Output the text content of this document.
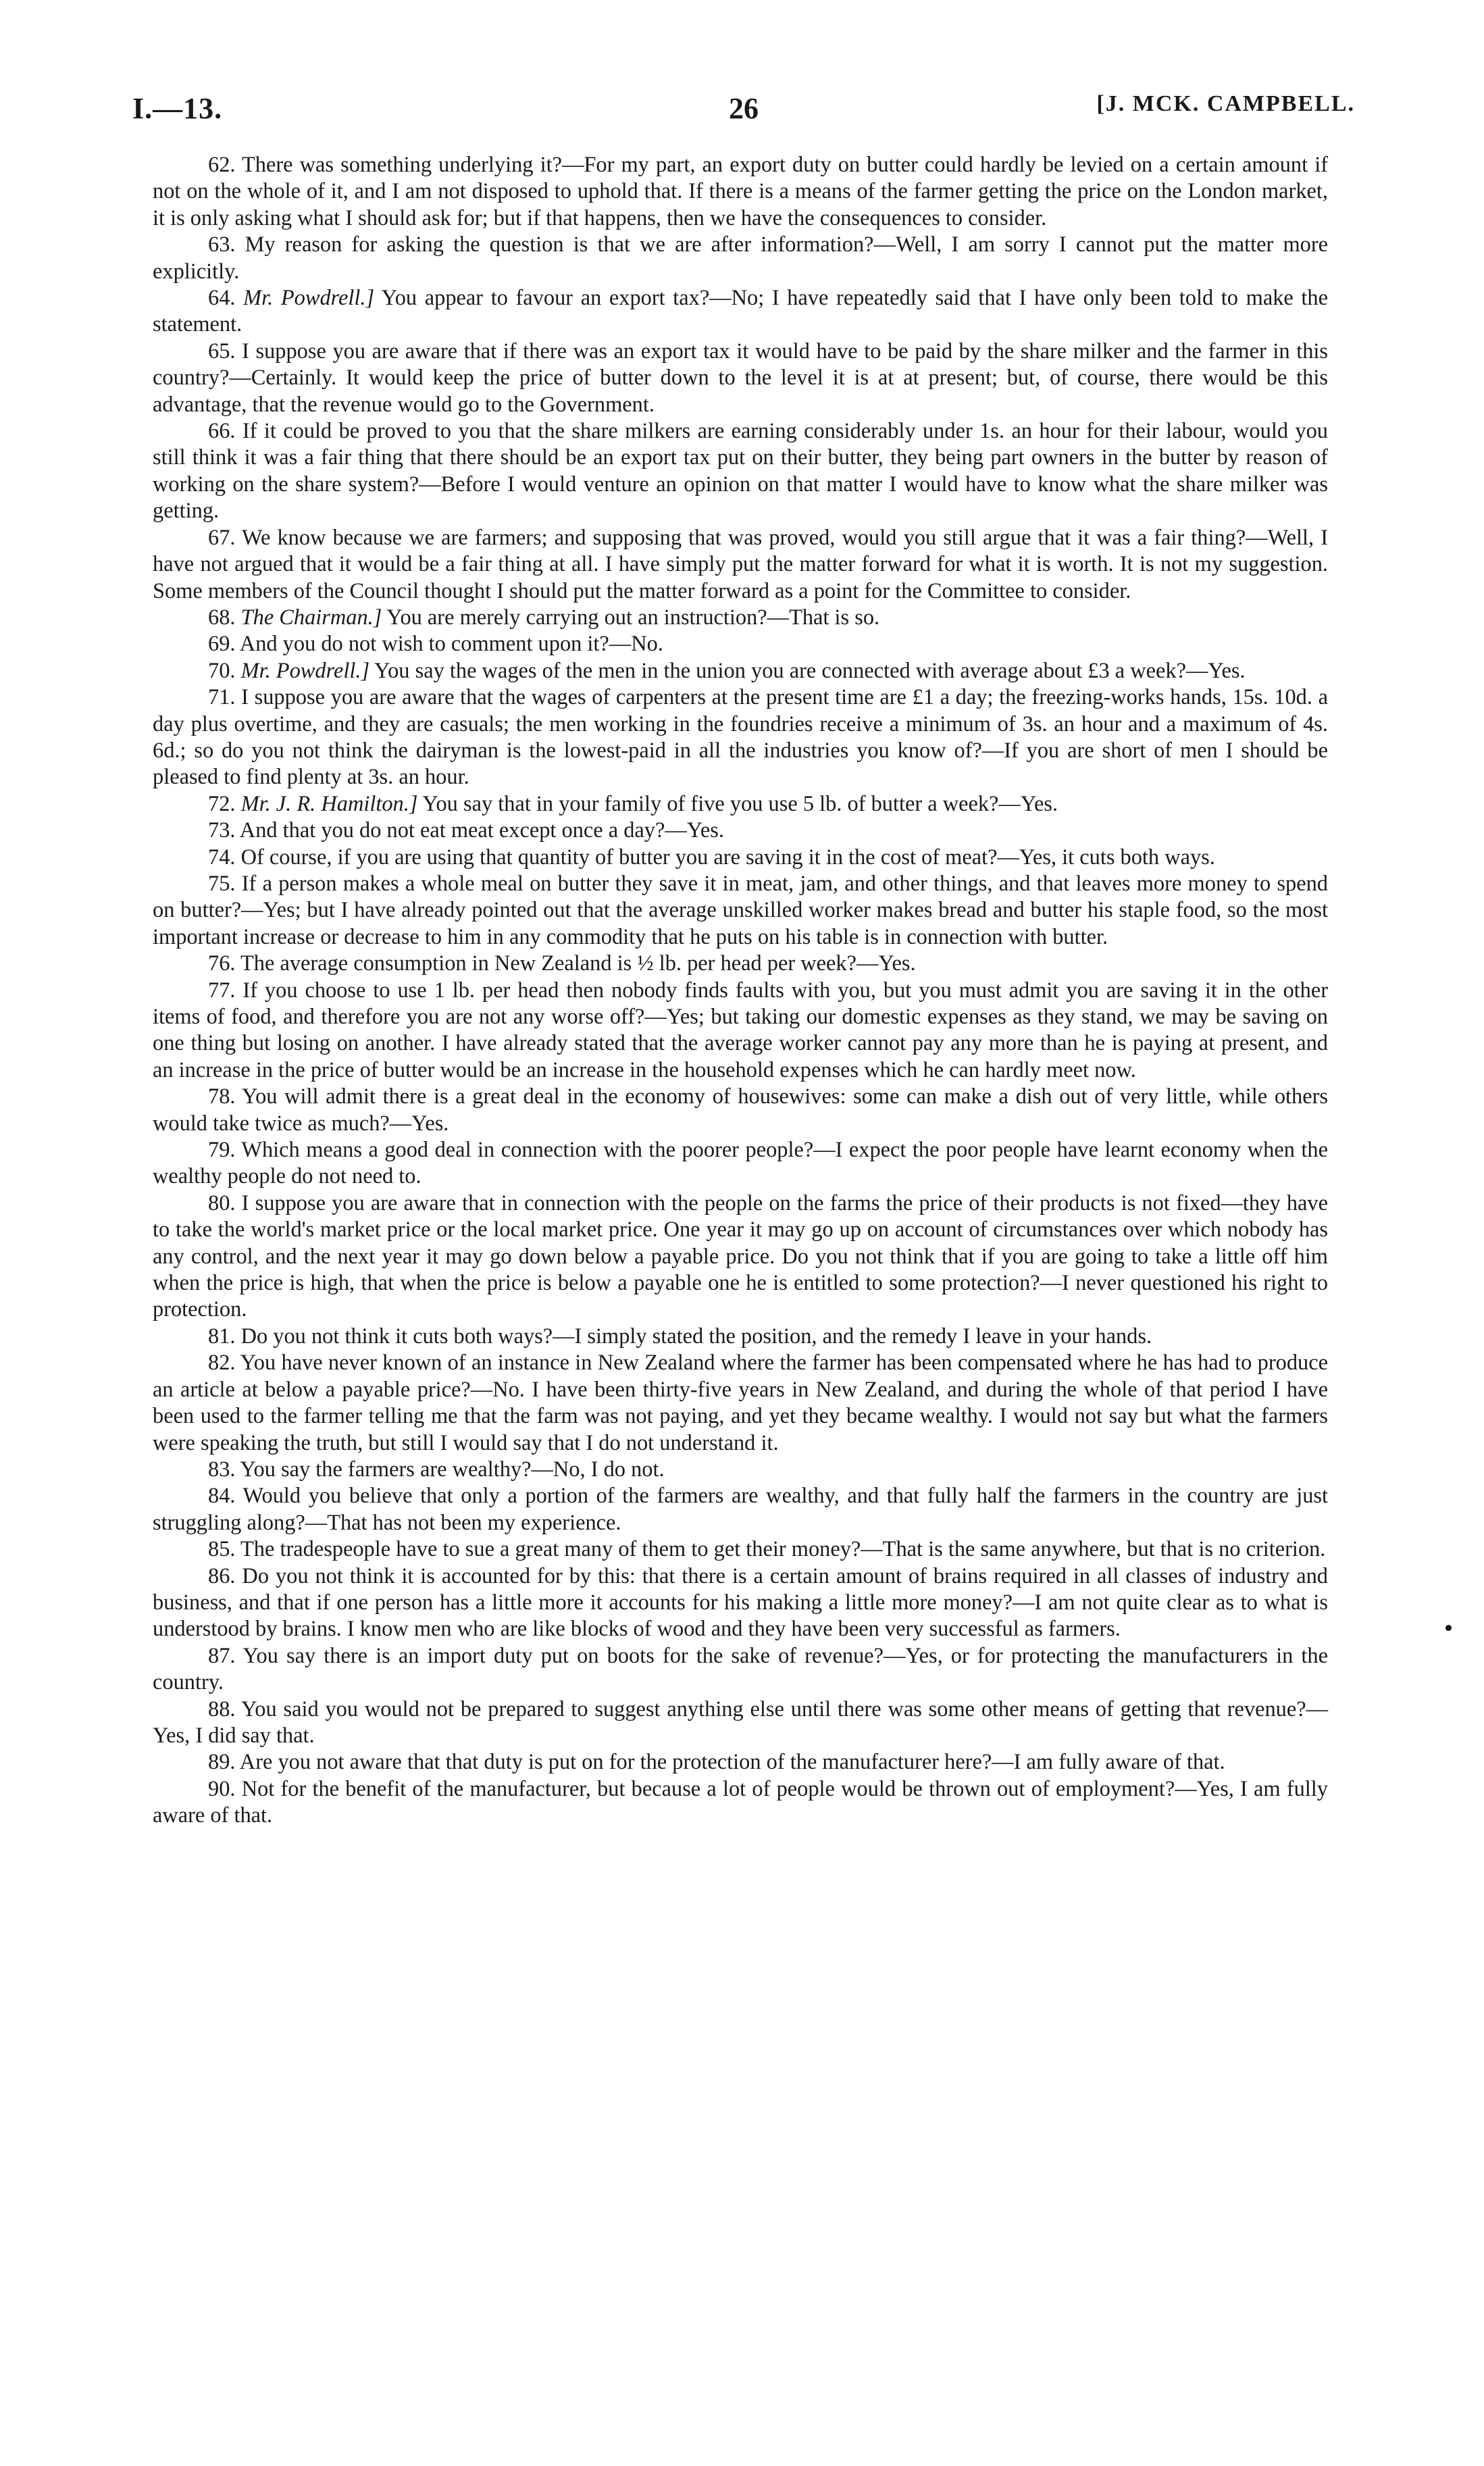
26
I.—13.	[J. MCK. CAMPBELL.

62. There was something underlying it?—For my part, an export duty on butter could hardly be levied on a certain amount if not on the whole of it, and I am not disposed to uphold that. If there is a means of the farmer getting the price on the London market, it is only asking what I should ask for; but if that happens, then we have the consequences to consider.

63. My reason for asking the question is that we are after information?—Well, I am sorry I cannot put the matter more explicitly.

64. Mr. Powdrell.] You appear to favour an export tax?—No; I have repeatedly said that I have only been told to make the statement.

65. I suppose you are aware that if there was an export tax it would have to be paid by the share milker and the farmer in this country?—Certainly. It would keep the price of butter down to the level it is at at present; but, of course, there would be this advantage, that the revenue would go to the Government.

66. If it could be proved to you that the share milkers are earning considerably under 1s. an hour for their labour, would you still think it was a fair thing that there should be an export tax put on their butter, they being part owners in the butter by reason of working on the share system?—Before I would venture an opinion on that matter I would have to know what the share milker was getting.

67. We know because we are farmers; and supposing that was proved, would you still argue that it was a fair thing?—Well, I have not argued that it would be a fair thing at all. I have simply put the matter forward for what it is worth. It is not my suggestion. Some members of the Council thought I should put the matter forward as a point for the Committee to consider.

68. The Chairman.] You are merely carrying out an instruction?—That is so.

69. And you do not wish to comment upon it?—No.

70. Mr. Powdrell.] You say the wages of the men in the union you are connected with average about £3 a week?—Yes.

71. I suppose you are aware that the wages of carpenters at the present time are £1 a day; the freezing-works hands, 15s. 10d. a day plus overtime, and they are casuals; the men working in the foundries receive a minimum of 3s. an hour and a maximum of 4s. 6d.; so do you not think the dairyman is the lowest-paid in all the industries you know of?—If you are short of men I should be pleased to find plenty at 3s. an hour.

72. Mr. J. R. Hamilton.] You say that in your family of five you use 5 lb. of butter a week?—Yes.

73. And that you do not eat meat except once a day?—Yes.

74. Of course, if you are using that quantity of butter you are saving it in the cost of meat?—Yes, it cuts both ways.

75. If a person makes a whole meal on butter they save it in meat, jam, and other things, and that leaves more money to spend on butter?—Yes; but I have already pointed out that the average unskilled worker makes bread and butter his staple food, so the most important increase or decrease to him in any commodity that he puts on his table is in connection with butter.

76. The average consumption in New Zealand is ½ lb. per head per week?—Yes.

77. If you choose to use 1 lb. per head then nobody finds faults with you, but you must admit you are saving it in the other items of food, and therefore you are not any worse off?—Yes; but taking our domestic expenses as they stand, we may be saving on one thing but losing on another. I have already stated that the average worker cannot pay any more than he is paying at present, and an increase in the price of butter would be an increase in the household expenses which he can hardly meet now.

78. You will admit there is a great deal in the economy of housewives: some can make a dish out of very little, while others would take twice as much?—Yes.

79. Which means a good deal in connection with the poorer people?—I expect the poor people have learnt economy when the wealthy people do not need to.

80. I suppose you are aware that in connection with the people on the farms the price of their products is not fixed—they have to take the world's market price or the local market price. One year it may go up on account of circumstances over which nobody has any control, and the next year it may go down below a payable price. Do you not think that if you are going to take a little off him when the price is high, that when the price is below a payable one he is entitled to some protection?—I never questioned his right to protection.

81. Do you not think it cuts both ways?—I simply stated the position, and the remedy I leave in your hands.

82. You have never known of an instance in New Zealand where the farmer has been compensated where he has had to produce an article at below a payable price?—No. I have been thirty-five years in New Zealand, and during the whole of that period I have been used to the farmer telling me that the farm was not paying, and yet they became wealthy. I would not say but what the farmers were speaking the truth, but still I would say that I do not understand it.

83. You say the farmers are wealthy?—No, I do not.

84. Would you believe that only a portion of the farmers are wealthy, and that fully half the farmers in the country are just struggling along?—That has not been my experience.

85. The tradespeople have to sue a great many of them to get their money?—That is the same anywhere, but that is no criterion.

86. Do you not think it is accounted for by this: that there is a certain amount of brains required in all classes of industry and business, and that if one person has a little more it accounts for his making a little more money?—I am not quite clear as to what is understood by brains. I know men who are like blocks of wood and they have been very successful as farmers.

87. You say there is an import duty put on boots for the sake of revenue?—Yes, or for protecting the manufacturers in the country.

88. You said you would not be prepared to suggest anything else until there was some other means of getting that revenue?—Yes, I did say that.

89. Are you not aware that that duty is put on for the protection of the manufacturer here?—I am fully aware of that.

90. Not for the benefit of the manufacturer, but because a lot of people would be thrown out of employment?—Yes, I am fully aware of that.
